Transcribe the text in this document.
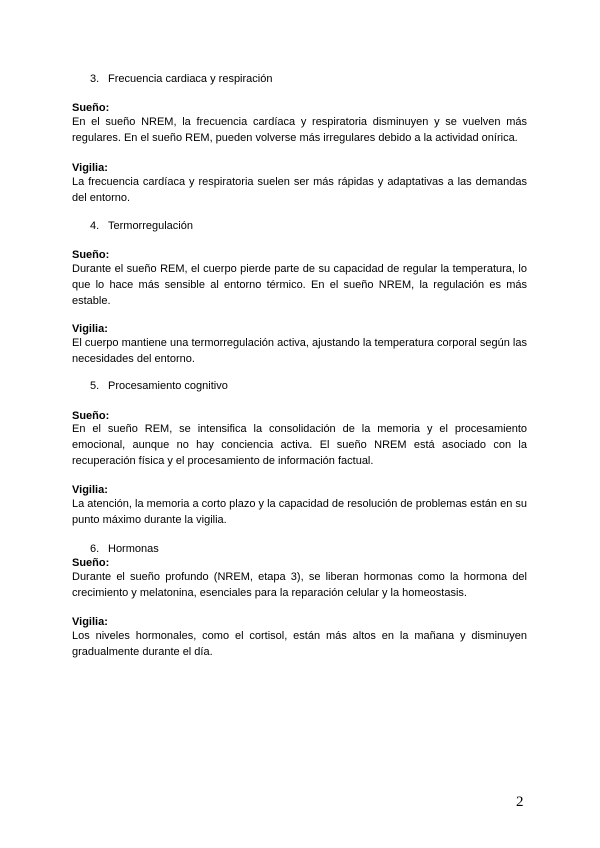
3. Frecuencia cardiaca y respiración
Sueño:

En el sueño NREM, la frecuencia cardíaca y respiratoria disminuyen y se vuelven más regulares. En el sueño REM, pueden volverse más irregulares debido a la actividad onírica.

Vigilia:

La frecuencia cardíaca y respiratoria suelen ser más rápidas y adaptativas a las demandas del entorno.

4. Termorregulación
Sueño:

Durante el sueño REM, el cuerpo pierde parte de su capacidad de regular la temperatura, lo que lo hace más sensible al entorno térmico. En el sueño NREM, la regulación es más estable.

Vigilia:

El cuerpo mantiene una termorregulación activa, ajustando la temperatura corporal según las necesidades del entorno.

5. Procesamiento cognitivo
Sueño:

En el sueño REM, se intensifica la consolidación de la memoria y el procesamiento emocional, aunque no hay conciencia activa. El sueño NREM está asociado con la recuperación física y el procesamiento de información factual.

Vigilia:

La atención, la memoria a corto plazo y la capacidad de resolución de problemas están en su punto máximo durante la vigilia.

6. Hormonas
Sueño:

Durante el sueño profundo (NREM, etapa 3), se liberan hormonas como la hormona del crecimiento y melatonina, esenciales para la reparación celular y la homeostasis.

Vigilia:

Los niveles hormonales, como el cortisol, están más altos en la mañana y disminuyen gradualmente durante el día.

2
